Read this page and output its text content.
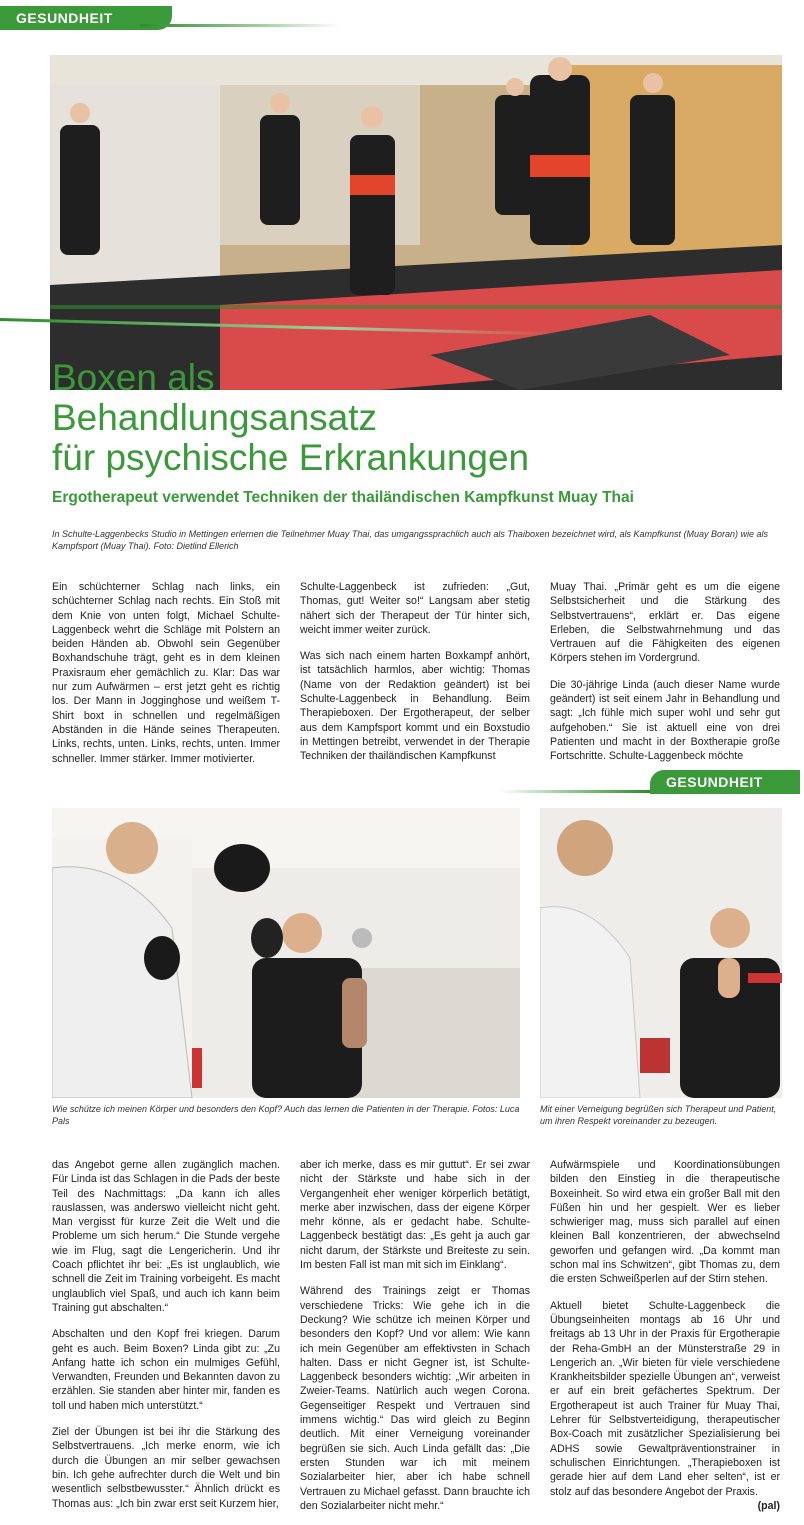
GESUNDHEIT
Boxen als
Behandlungsansatz
für psychische Erkrankungen
Ergotherapeut verwendet Techniken der thailändischen Kampfkunst Muay Thai
In Schulte-Laggenbecks Studio in Mettingen erlernen die Teilnehmer Muay Thai, das umgangssprachlich auch als Thaiboxen bezeichnet wird, als Kampfkunst (Muay Boran) wie als Kampfsport (Muay Thai). Foto: Dietlind Ellerich

Ein schüchterner Schlag nach links, ein schüchterner Schlag nach rechts. Ein Stoß mit dem Knie von unten folgt, Michael Schulte-Laggenbeck wehrt die Schläge mit Polstern an beiden Händen ab. Obwohl sein Gegenüber Boxhandschuhe trägt, geht es in dem kleinen Praxisraum eher gemächlich zu. Klar: Das war nur zum Aufwärmen – erst jetzt geht es richtig los. Der Mann in Jogginghose und weißem T-Shirt boxt in schnellen und regelmäßigen Abständen in die Hände seines Therapeuten. Links, rechts, unten. Links, rechts, unten. Immer schneller. Immer stärker. Immer motivierter.

Schulte-Laggenbeck ist zufrieden: „Gut, Thomas, gut! Weiter so!“ Langsam aber stetig nähert sich der Therapeut der Tür hinter sich, weicht immer weiter zurück.

Was sich nach einem harten Boxkampf anhört, ist tatsächlich harmlos, aber wichtig: Thomas (Name von der Redaktion geändert) ist bei Schulte-Laggenbeck in Behandlung. Beim Therapieboxen. Der Ergotherapeut, der selber aus dem Kampfsport kommt und ein Boxstudio in Mettingen betreibt, verwendet in der Therapie Techniken der thailändischen Kampfkunst

Muay Thai. „Primär geht es um die eigene Selbstsicherheit und die Stärkung des Selbstvertrauens“, erklärt er. Das eigene Erleben, die Selbstwahrnehmung und das Vertrauen auf die Fähigkeiten des eigenen Körpers stehen im Vordergrund.

Die 30-jährige Linda (auch dieser Name wurde geändert) ist seit einem Jahr in Behandlung und sagt: „Ich fühle mich super wohl und sehr gut aufgehoben.“ Sie ist aktuell eine von drei Patienten und macht in der Boxtherapie große Fortschritte. Schulte-Laggenbeck möchte

GESUNDHEIT
Wie schütze ich meinen Körper und besonders den Kopf? Auch das lernen die Patienten in der Therapie. Fotos: Luca Pals
Mit einer Verneigung begrüßen sich Therapeut und Patient, um ihren Respekt voreinander zu bezeugen.

das Angebot gerne allen zugänglich machen. Für Linda ist das Schlagen in die Pads der beste Teil des Nachmittags: „Da kann ich alles rauslassen, was anderswo vielleicht nicht geht. Man vergisst für kurze Zeit die Welt und die Probleme um sich herum.“ Die Stunde vergehe wie im Flug, sagt die Lengericherin. Und ihr Coach pflichtet ihr bei: „Es ist unglaublich, wie schnell die Zeit im Training vorbeigeht. Es macht unglaublich viel Spaß, und auch ich kann beim Training gut abschalten.“

Abschalten und den Kopf frei kriegen. Darum geht es auch. Beim Boxen? Linda gibt zu: „Zu Anfang hatte ich schon ein mulmiges Gefühl, Verwandten, Freunden und Bekannten davon zu erzählen. Sie standen aber hinter mir, fanden es toll und haben mich unterstützt.“

Ziel der Übungen ist bei ihr die Stärkung des Selbstvertrauens. „Ich merke enorm, wie ich durch die Übungen an mir selber gewachsen bin. Ich gehe aufrechter durch die Welt und bin wesentlich selbstbewusster.“ Ähnlich drückt es Thomas aus: „Ich bin zwar erst seit Kurzem hier,

aber ich merke, dass es mir guttut“. Er sei zwar nicht der Stärkste und habe sich in der Vergangenheit eher weniger körperlich betätigt, merke aber inzwischen, dass der eigene Körper mehr könne, als er gedacht habe. Schulte-Laggenbeck bestätigt das: „Es geht ja auch gar nicht darum, der Stärkste und Breiteste zu sein. Im besten Fall ist man mit sich im Einklang“.

Während des Trainings zeigt er Thomas verschiedene Tricks: Wie gehe ich in die Deckung? Wie schütze ich meinen Körper und besonders den Kopf? Und vor allem: Wie kann ich mein Gegenüber am effektivsten in Schach halten. Dass er nicht Gegner ist, ist Schulte-Laggenbeck besonders wichtig: „Wir arbeiten in Zweier-Teams. Natürlich auch wegen Corona. Gegenseitiger Respekt und Vertrauen sind immens wichtig.“ Das wird gleich zu Beginn deutlich. Mit einer Verneigung voreinander begrüßen sie sich. Auch Linda gefällt das: „Die ersten Stunden war ich mit meinem Sozialarbeiter hier, aber ich habe schnell Vertrauen zu Michael gefasst. Dann brauchte ich den Sozialarbeiter nicht mehr.“

Aufwärmspiele und Koordinationsübungen bilden den Einstieg in die therapeutische Boxeinheit. So wird etwa ein großer Ball mit den Füßen hin und her gespielt. Wer es lieber schwieriger mag, muss sich parallel auf einen kleinen Ball konzentrieren, der abwechselnd geworfen und gefangen wird. „Da kommt man schon mal ins Schwitzen“, gibt Thomas zu, dem die ersten Schweißperlen auf der Stirn stehen.

Aktuell bietet Schulte-Laggenbeck die Übungseinheiten montags ab 16 Uhr und freitags ab 13 Uhr in der Praxis für Ergotherapie der Reha-GmbH an der Münsterstraße 29 in Lengerich an. „Wir bieten für viele verschiedene Krankheitsbilder spezielle Übungen an“, verweist er auf ein breit gefächertes Spektrum. Der Ergotherapeut ist auch Trainer für Muay Thai, Lehrer für Selbstverteidigung, therapeutischer Box-Coach mit zusätzlicher Spezialisierung bei ADHS sowie Gewaltpräventionstrainer in schulischen Einrichtungen. „Therapieboxen ist gerade hier auf dem Land eher selten“, ist er stolz auf das besondere Angebot der Praxis.
(pal)
